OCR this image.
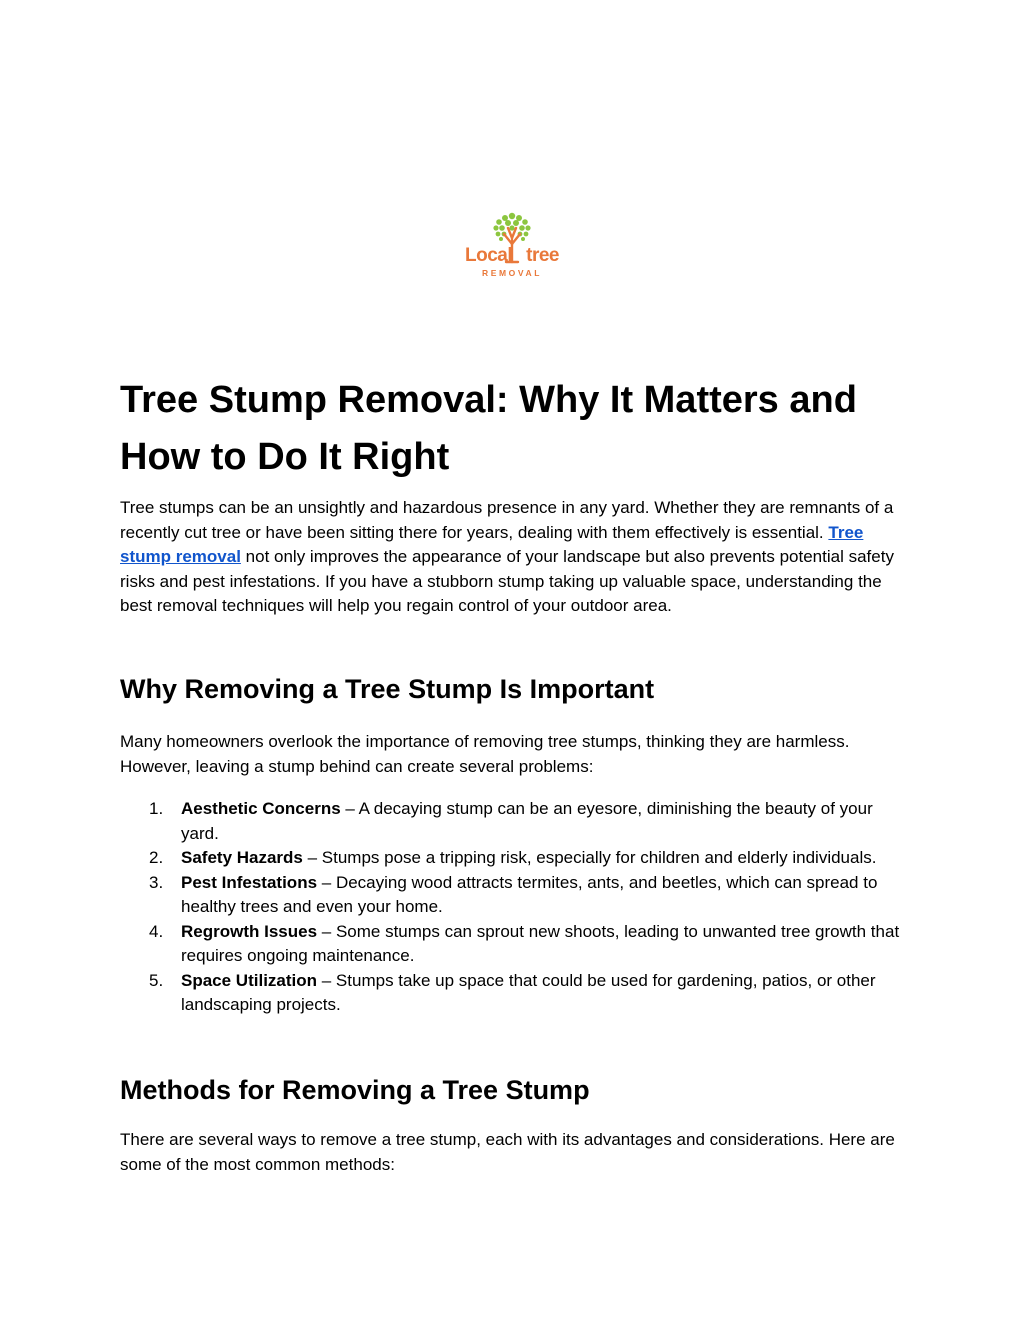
Local tree
REMOVAL
Tree Stump Removal: Why It Matters and How to Do It Right

Tree stumps can be an unsightly and hazardous presence in any yard. Whether they are remnants of a recently cut tree or have been sitting there for years, dealing with them effectively is essential. Tree stump removal not only improves the appearance of your landscape but also prevents potential safety risks and pest infestations. If you have a stubborn stump taking up valuable space, understanding the best removal techniques will help you regain control of your outdoor area.

Why Removing a Tree Stump Is Important

Many homeowners overlook the importance of removing tree stumps, thinking they are harmless. However, leaving a stump behind can create several problems:

1. Aesthetic Concerns – A decaying stump can be an eyesore, diminishing the beauty of your yard.
2. Safety Hazards – Stumps pose a tripping risk, especially for children and elderly individuals.
3. Pest Infestations – Decaying wood attracts termites, ants, and beetles, which can spread to healthy trees and even your home.
4. Regrowth Issues – Some stumps can sprout new shoots, leading to unwanted tree growth that requires ongoing maintenance.
5. Space Utilization – Stumps take up space that could be used for gardening, patios, or other landscaping projects.
Methods for Removing a Tree Stump

There are several ways to remove a tree stump, each with its advantages and considerations. Here are some of the most common methods:
